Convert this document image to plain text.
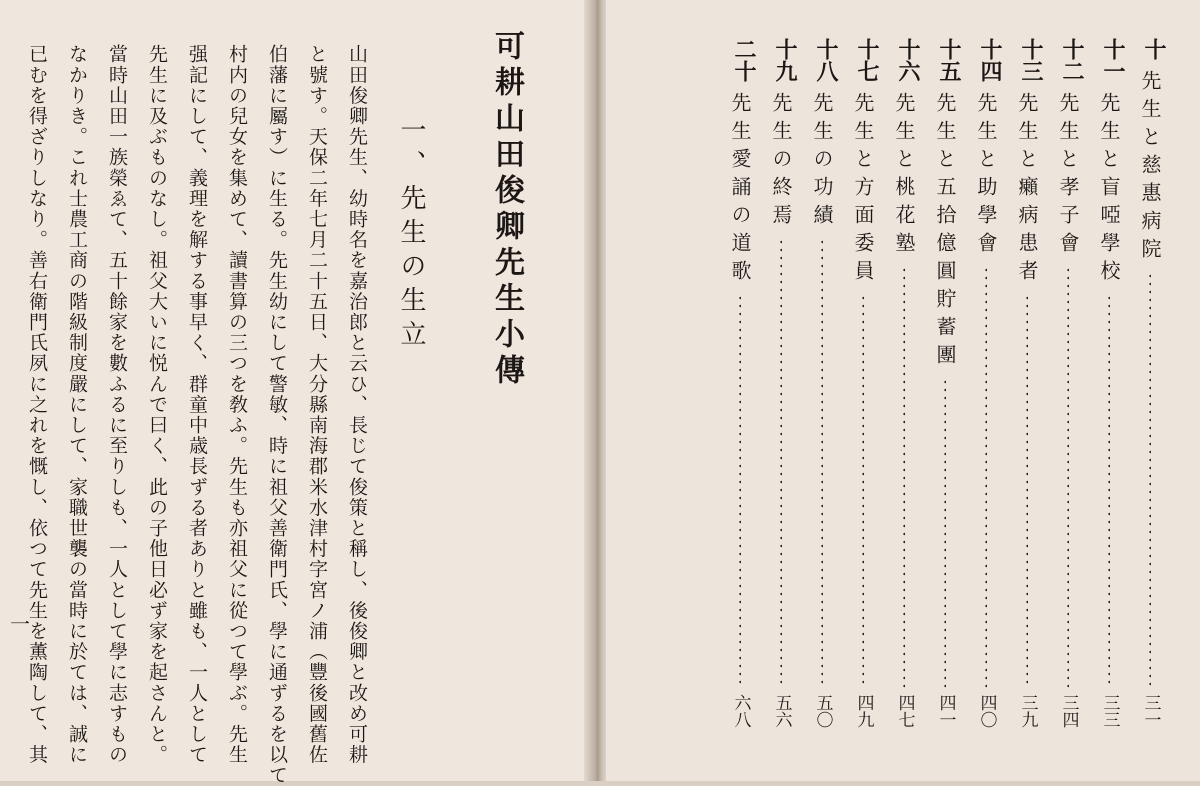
可耕山田俊卿先生小傳
一、先生の生立
山田俊卿先生、幼時名を嘉治郎と云ひ、長じて俊策と稱し、後俊卿と改め可耕
と號す。天保二年七月二十五日、大分縣南海郡米水津村字宮ノ浦（豐後國舊佐
伯藩に屬す）に生る。先生幼にして警敏、時に祖父善衛門氏、學に通ずるを以て
村内の兒女を集めて、讀書算の三つを敎ふ。先生も亦祖父に從つて學ぶ。先生
强記にして、義理を解する事早く、群童中歳長ずる者ありと雖も、一人として
先生に及ぶものなし。祖父大いに悦んで曰く、此の子他日必ず家を起さんと。
當時山田一族榮ゑて、五十餘家を數ふるに至りしも、一人として學に志すもの
なかりき。これ士農工商の階級制度嚴にして、家職世襲の當時に於ては、誠に
已むを得ざりしなり。善右衛門氏夙に之れを慨し、依つて先生を薫陶して、其
一
十
先生と慈惠病院
三一
十一
先生と盲啞學校
三三
十二
先生と孝子會
三四
十三
先生と癩病患者
三九
十四
先生と助學會
四〇
十五
先生と五拾億圓貯蓄團
四一
十六
先生と桃花塾
四七
十七
先生と方面委員
四九
十八
先生の功績
五〇
十九
先生の終焉
五六
二十
先生愛誦の道歌
六八
